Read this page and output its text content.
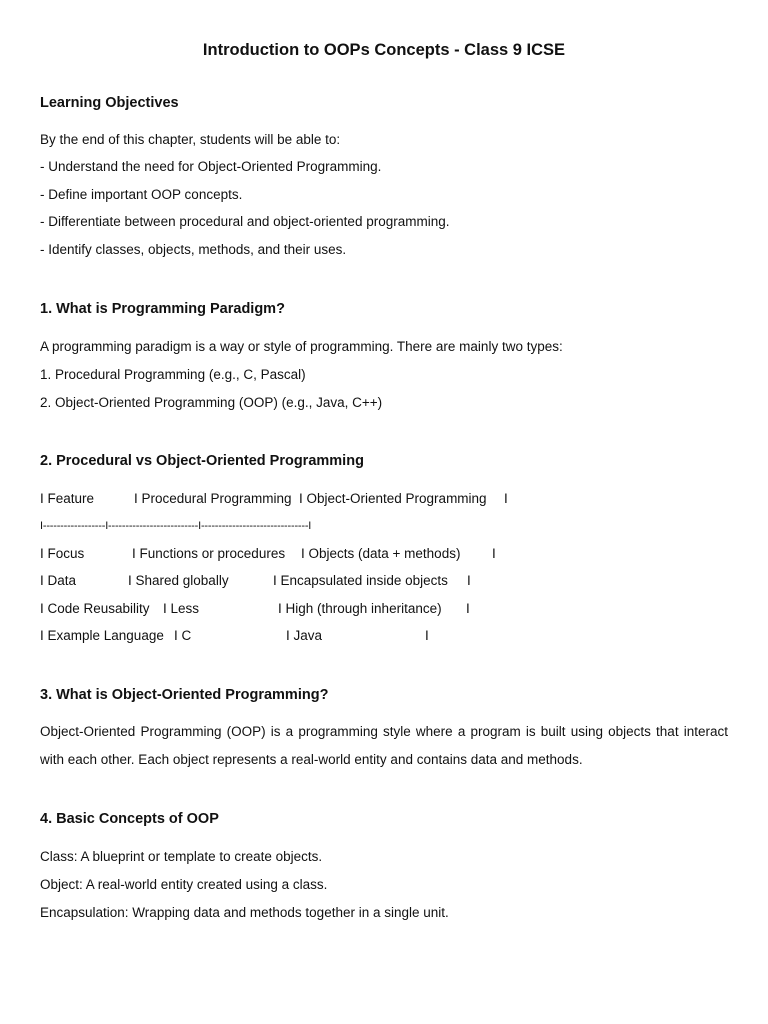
Introduction to OOPs Concepts - Class 9 ICSE
Learning Objectives
By the end of this chapter, students will be able to:
- Understand the need for Object-Oriented Programming.
- Define important OOP concepts.
- Differentiate between procedural and object-oriented programming.
- Identify classes, objects, methods, and their uses.
1. What is Programming Paradigm?
A programming paradigm is a way or style of programming. There are mainly two types:
1. Procedural Programming (e.g., C, Pascal)
2. Object-Oriented Programming (OOP) (e.g., Java, C++)
2. Procedural vs Object-Oriented Programming
I Feature	I Procedural Programming I Object-Oriented Programming I
I------------------I--------------------------I-------------------------------I
I Focus	I Functions or procedures I Objects (data + methods) I
I Data	I Shared globally	I Encapsulated inside objects I
I Code Reusability I Less	I High (through inheritance) I
I Example Language I C	I Java	I
3. What is Object-Oriented Programming?
Object-Oriented Programming (OOP) is a programming style where a program is built using objects that interact with each other. Each object represents a real-world entity and contains data and methods.
4. Basic Concepts of OOP
Class: A blueprint or template to create objects.
Object: A real-world entity created using a class.
Encapsulation: Wrapping data and methods together in a single unit.
